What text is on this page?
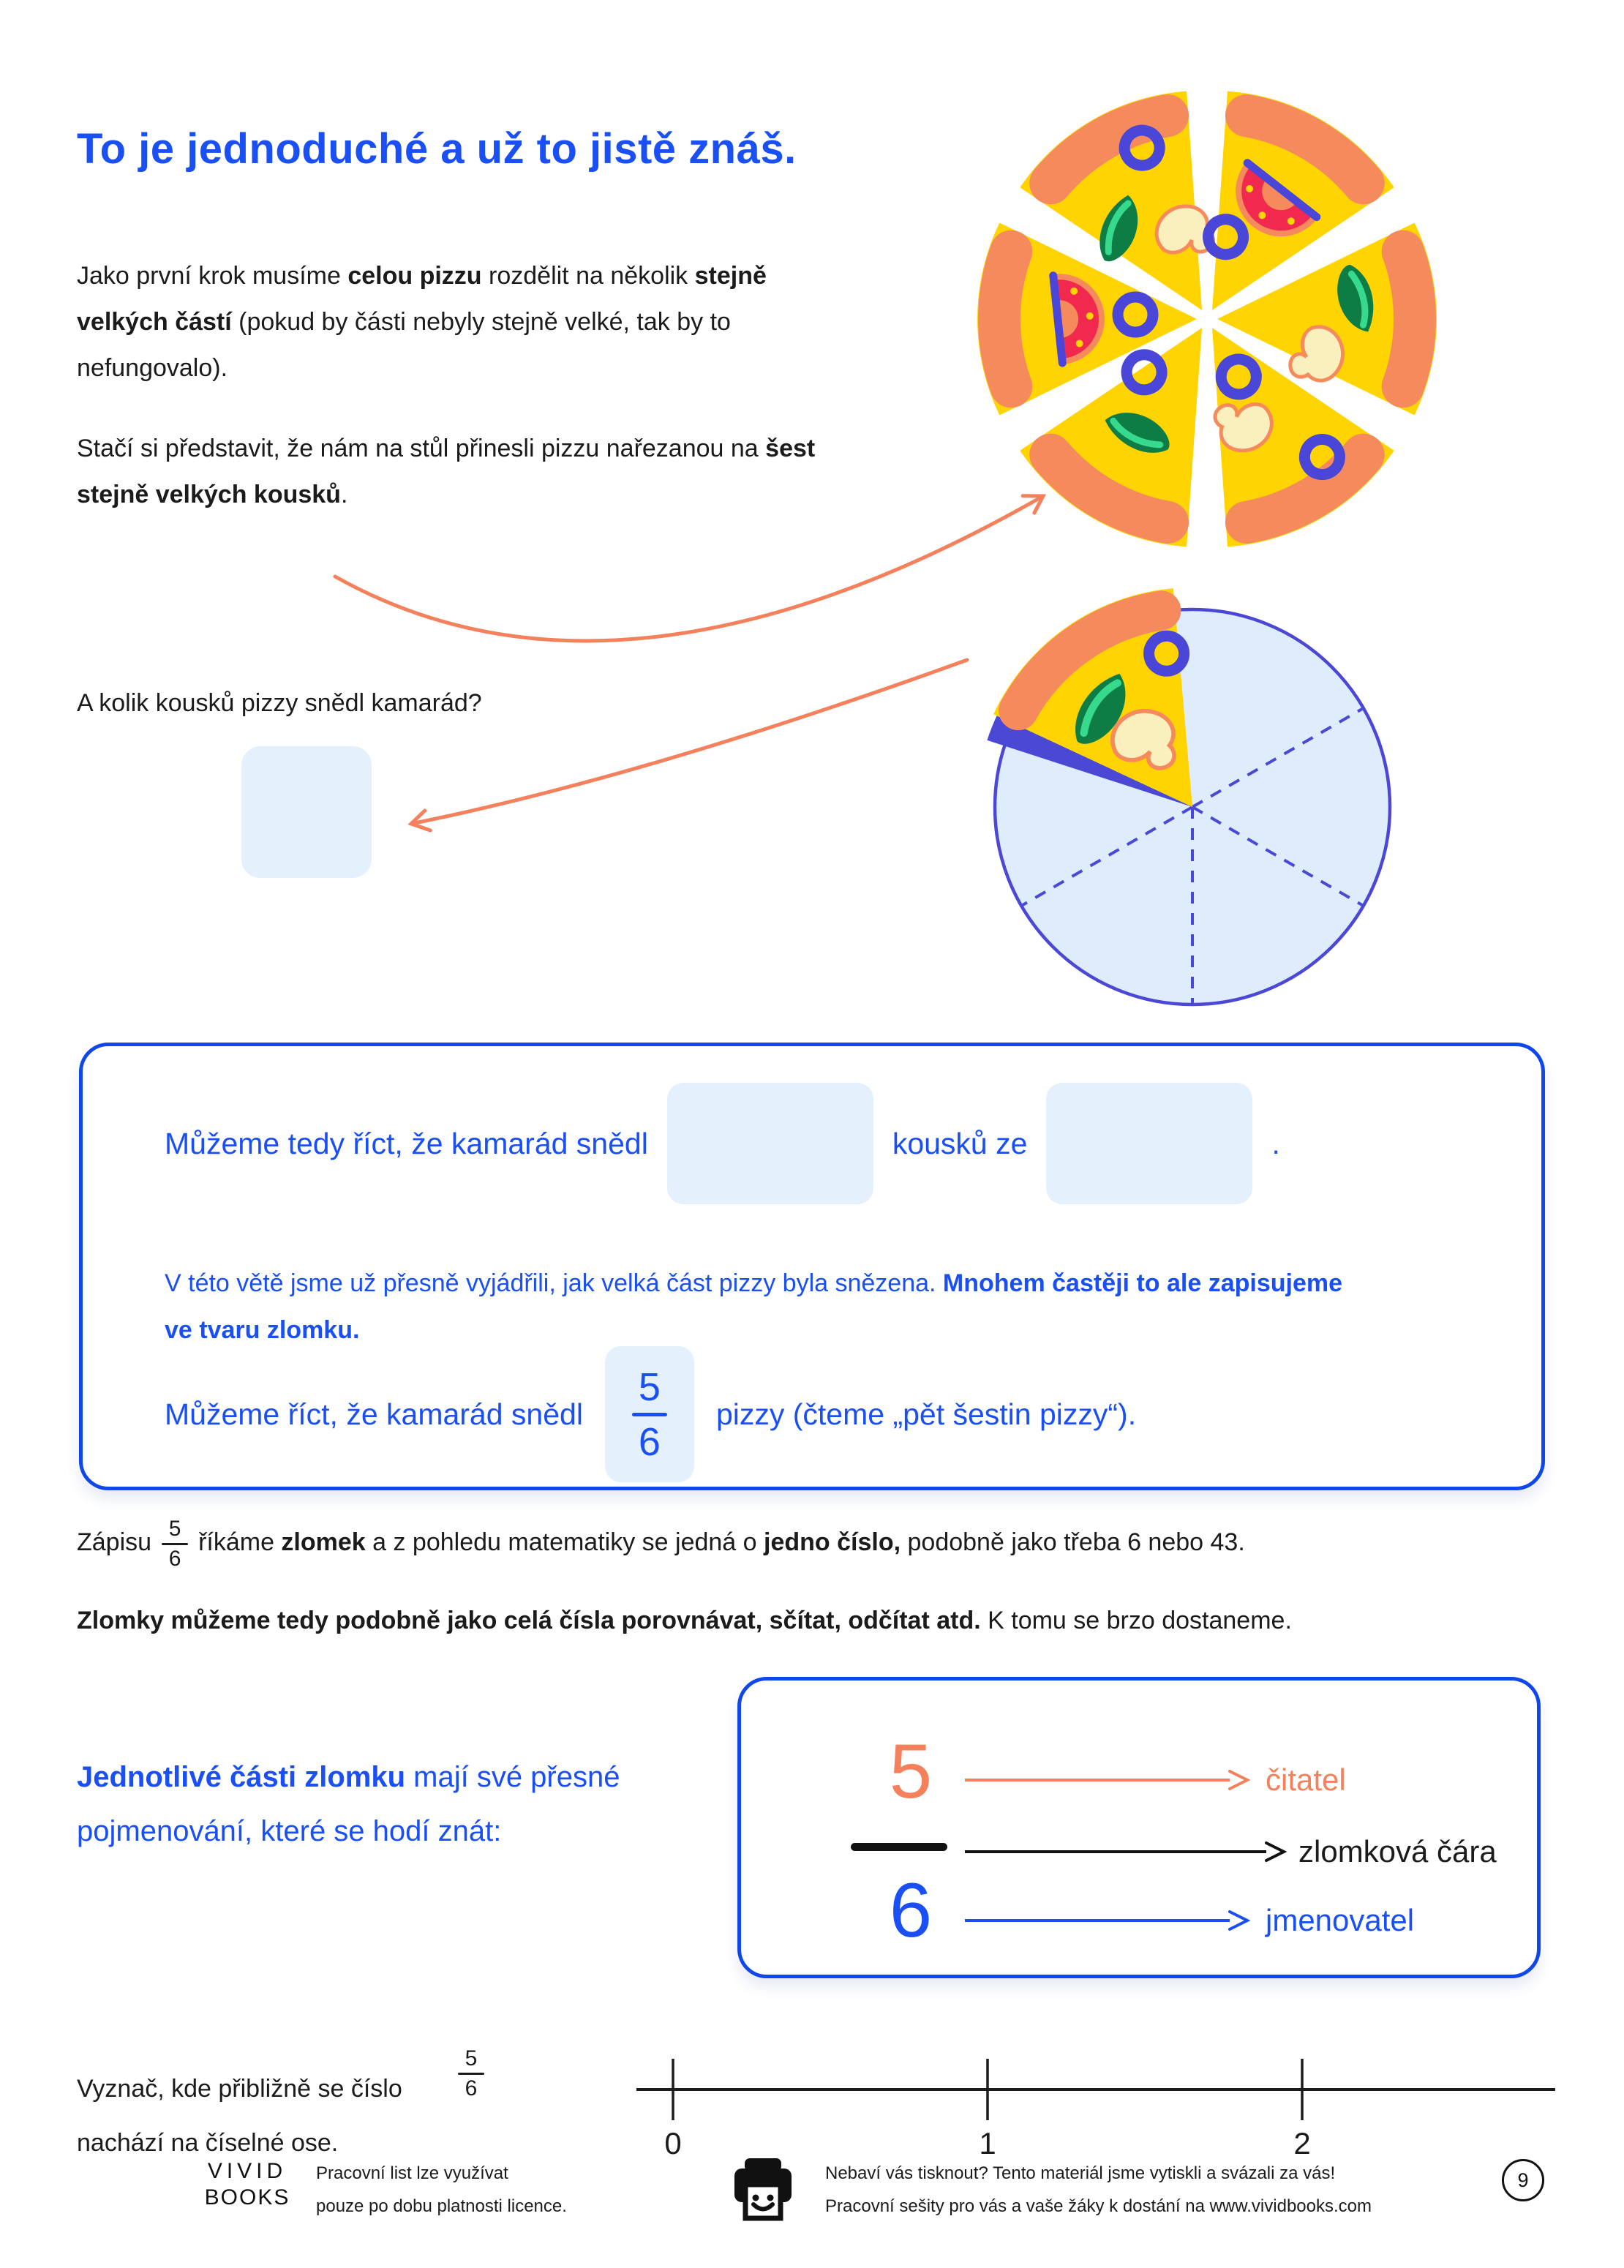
To je jednoduché a už to jistě znáš.
Jako první krok musíme celou pizzu rozdělit na několik stejně velkých částí (pokud by části nebyly stejně velké, tak by to nefungovalo).
Stačí si představit, že nám na stůl přinesli pizzu nařezanou na šest stejně velkých kousků.
A kolik kousků pizzy snědl kamarád?
Můžeme tedy říct, že kamarád snědl	kousků ze	.
V této větě jsme už přesně vyjádřili, jak velká část pizzy byla snězena. Mnohem častěji to ale zapisujeme
ve tvaru zlomku.
Můžeme říct, že kamarád snědl
5
6
pizzy (čteme „pět šestin pizzy“).
Zápisu $\frac{5}{6}$ říkáme zlomek a z pohledu matematiky se jedná o jedno číslo, podobně jako třeba 6 nebo 43.
Zlomky můžeme tedy podobně jako celá čísla porovnávat, sčítat, odčítat atd. K tomu se brzo dostaneme.
Jednotlivé části zlomku mají své přesné pojmenování, které se hodí znát:
5
6
čitatel
zlomková čára
jmenovatel
Vyznač, kde přibližně se číslo
5
6
nachází na číselné ose.	0	1	2
VIVID
BOOKS
Pracovní list lze využívat
pouze po dobu platnosti licence.
Nebaví vás tisknout? Tento materiál jsme vytiskli a svázali za vás!
Pracovní sešity pro vás a vaše žáky k dostání na www.vividbooks.com
9
